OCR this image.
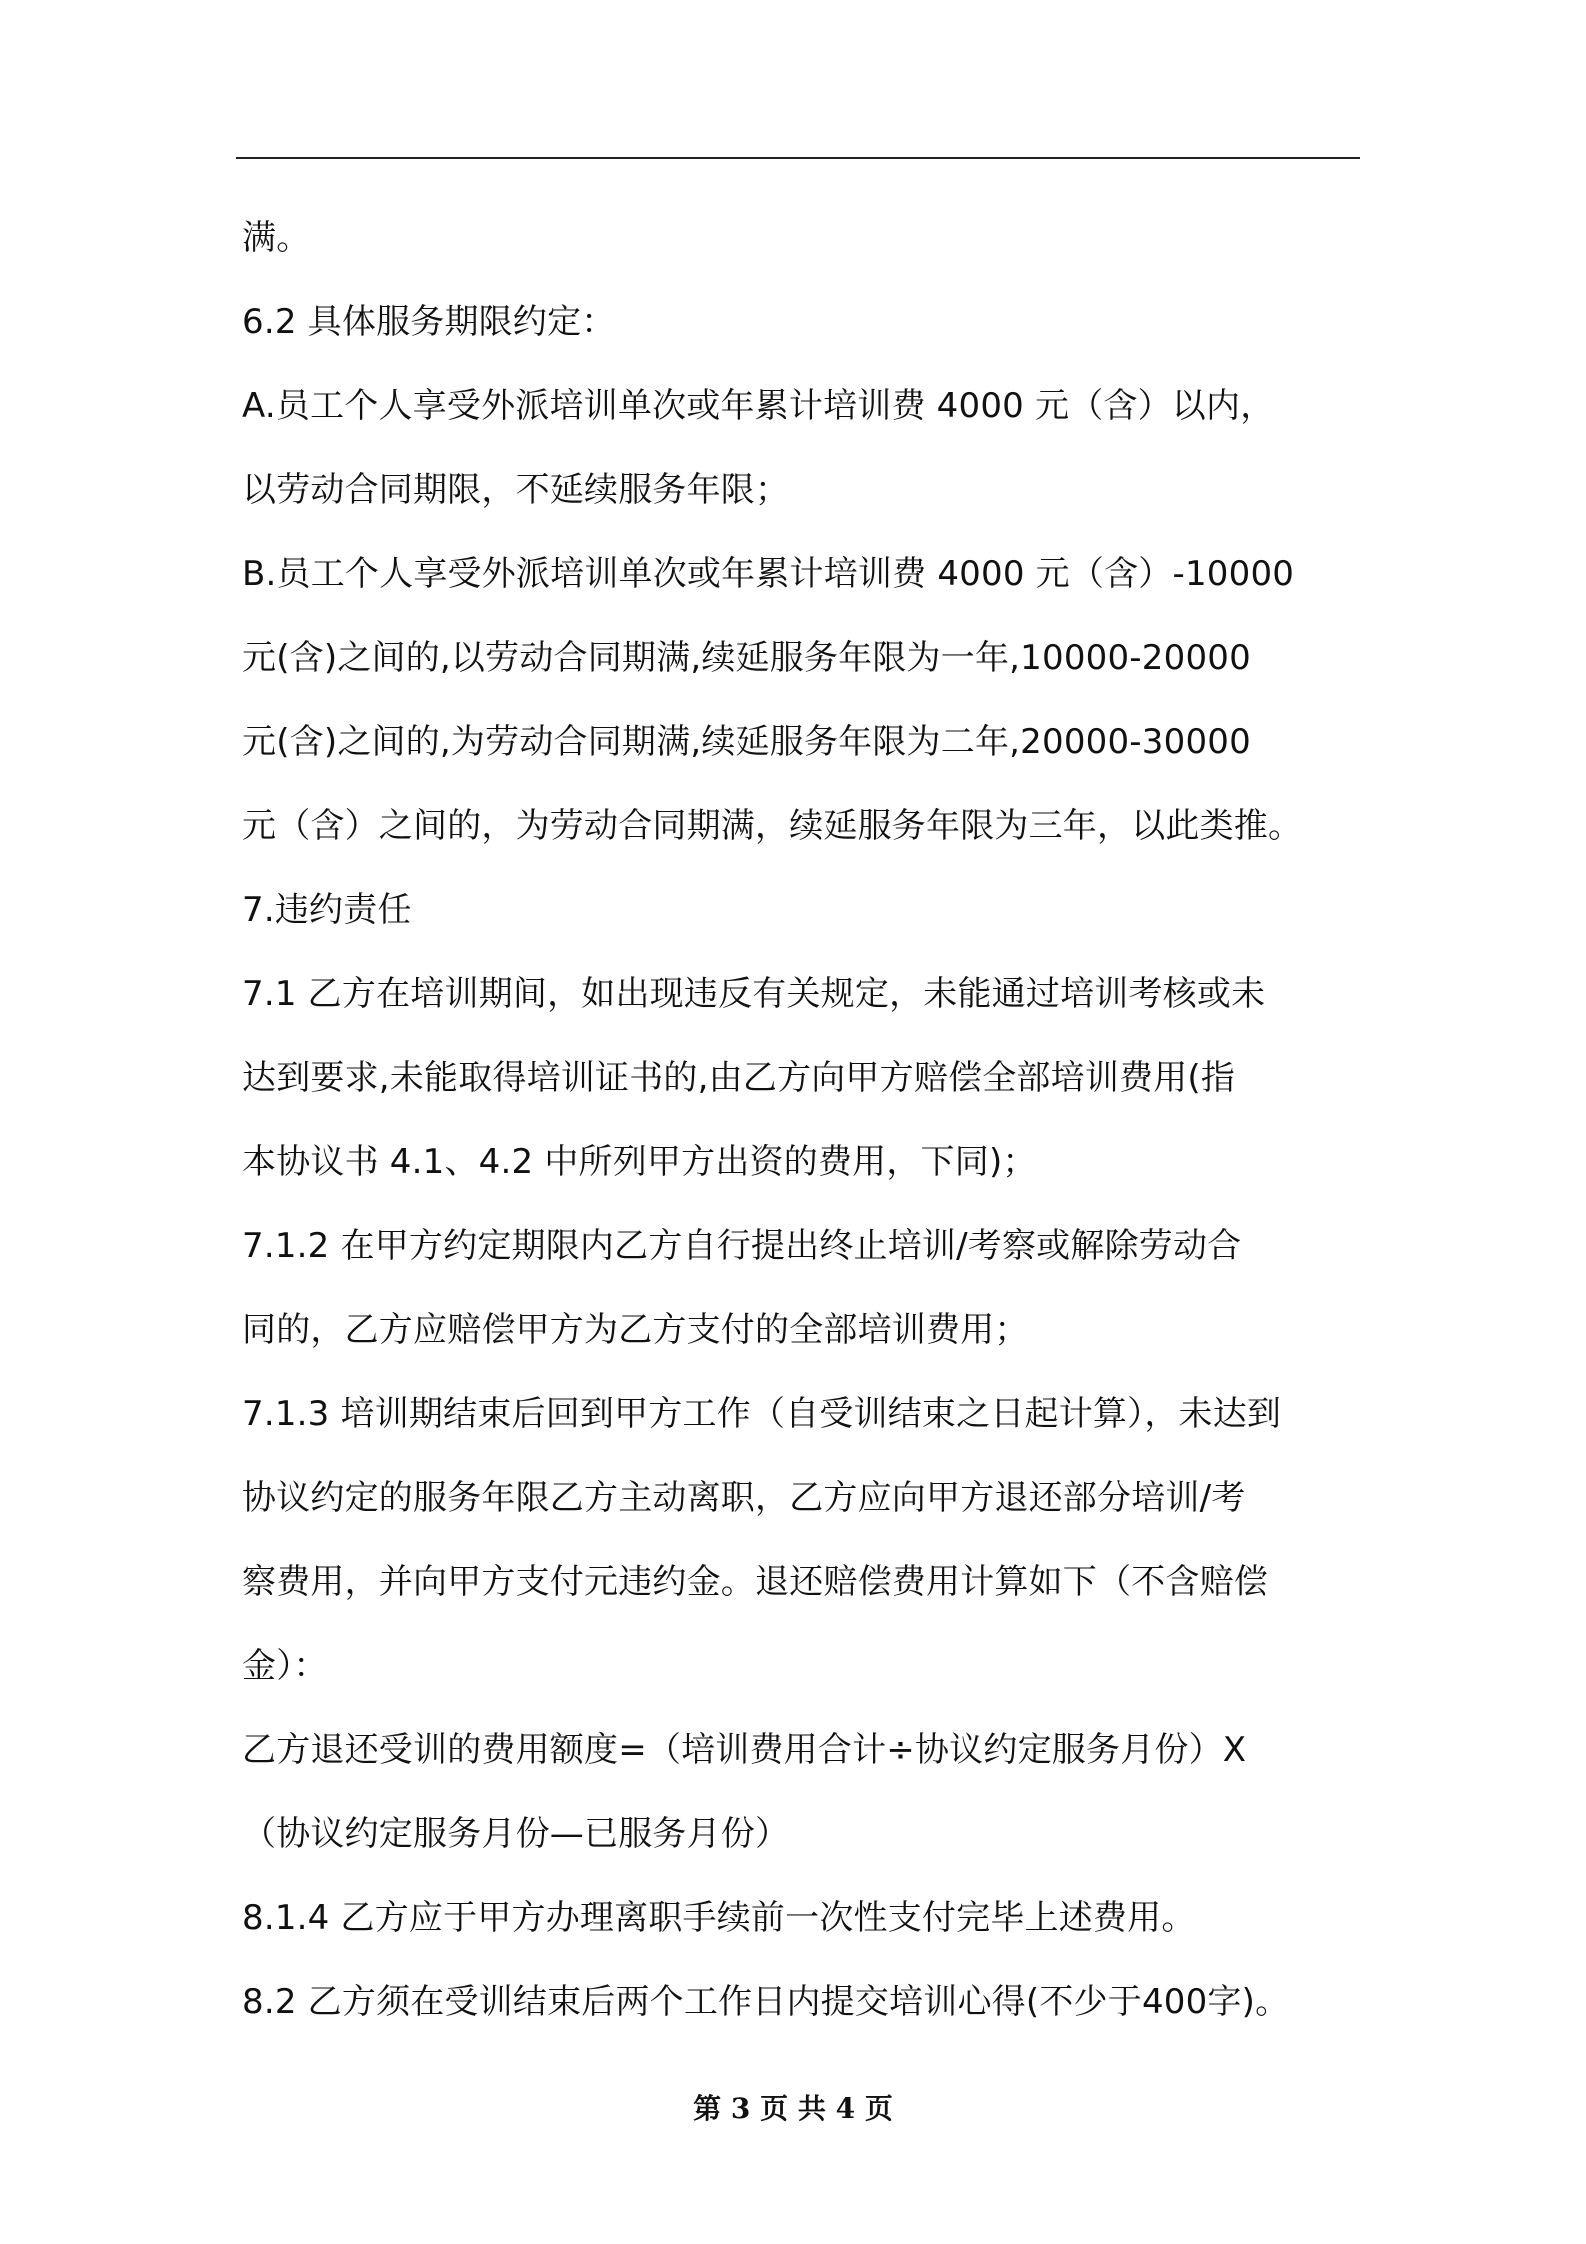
满。
6.2 具体服务期限约定：
A.员工个人享受外派培训单次或年累计培训费 4000 元（含）以内，
以劳动合同期限，不延续服务年限；
B.员工个人享受外派培训单次或年累计培训费 4000 元（含）-10000
元(含)之间的,以劳动合同期满,续延服务年限为一年,10000-20000
元(含)之间的,为劳动合同期满,续延服务年限为二年,20000-30000
元（含）之间的，为劳动合同期满，续延服务年限为三年，以此类推。
7.违约责任
7.1 乙方在培训期间，如出现违反有关规定，未能通过培训考核或未
达到要求,未能取得培训证书的,由乙方向甲方赔偿全部培训费用(指
本协议书 4.1、4.2 中所列甲方出资的费用，下同)；
7.1.2 在甲方约定期限内乙方自行提出终止培训/考察或解除劳动合
同的，乙方应赔偿甲方为乙方支付的全部培训费用；
7.1.3 培训期结束后回到甲方工作（自受训结束之日起计算），未达到
协议约定的服务年限乙方主动离职，乙方应向甲方退还部分培训/考
察费用，并向甲方支付元违约金。退还赔偿费用计算如下（不含赔偿
金）：
乙方退还受训的费用额度=（培训费用合计÷协议约定服务月份）X
（协议约定服务月份—已服务月份）
8.1.4 乙方应于甲方办理离职手续前一次性支付完毕上述费用。
8.2 乙方须在受训结束后两个工作日内提交培训心得(不少于400字)。
第 3 页 共 4 页
